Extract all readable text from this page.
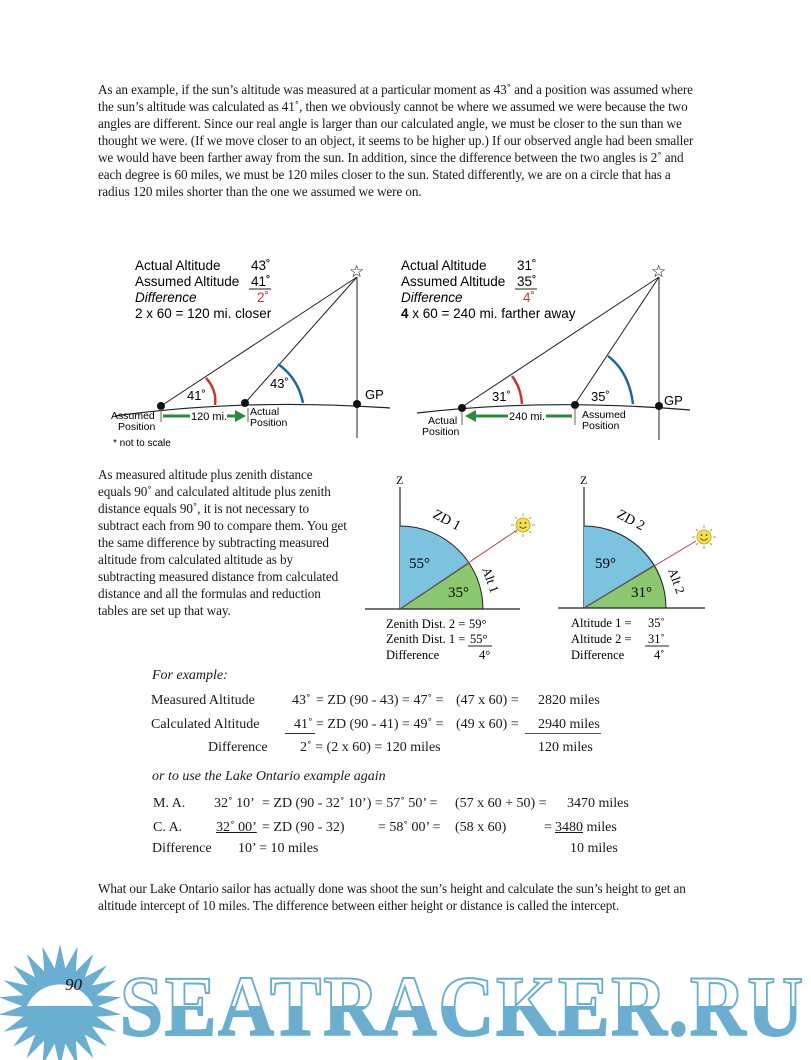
As an example, if the sun’s altitude was measured at a particular moment as 43˚ and a position was assumed where the sun’s altitude was calculated as 41˚, then we obviously cannot be where we assumed we were because the two angles are different. Since our real angle is larger than our calculated angle, we must be closer to the sun than we thought we were. (If we move closer to an object, it seems to be higher up.) If our observed angle had been smaller we would have been farther away from the sun. In addition, since the difference between the two angles is 2˚ and each degree is 60 miles, we must be 120 miles closer to the sun. Stated differently, we are on a circle that has a radius 120 miles shorter than the one we assumed we were on.
Actual Altitude 43˚
Assumed Altitude 41˚
Difference	2˚
2 x 60 = 120 mi. closer
☆
41˚
43˚
GP
Assumed
Position
Actual
Position
120 mi.
* not to scale
Actual Altitude 31˚
Assumed Altitude 35˚
Difference	4˚
4 x 60 = 240 mi. farther away
☆
31˚	35˚	GP
Actual
Position
Assumed
Position
240 mi.
As measured altitude plus zenith distance equals 90˚ and calculated altitude plus zenith distance equals 90˚, it is not necessary to subtract each from 90 to compare them. You get the same difference by subtracting measured altitude from calculated altitude as by subtracting measured distance from calculated distance and all the formulas and reduction tables are set up that way.
Z
ZD 1
Alt 1
55°
35°
Zenith Dist. 2 = 59°
Zenith Dist. 1 = 55°
Difference	4°
Z
ZD 2
Alt 2
59°
31°
Altitude 1 = 35˚
Altitude 2 = 31˚
Difference 4˚
For example:
Measured Altitude	43˚ = ZD (90 - 43) = 47˚ = (47 x 60) = 2820 miles
Calculated Altitude 41˚ = ZD (90 - 41) = 49˚ = (49 x 60) = 2940 miles
Difference 2˚ = (2 x 60) = 120 miles	120 miles
or to use the Lake Ontario example again
M. A. 32˚ 10’ = ZD (90 - 32˚ 10’) = 57˚ 50’ = (57 x 60 + 50) = 3470 miles
C. A. 32˚ 00’ = ZD (90 - 32) = 58˚ 00’ = (58 x 60)	= 3480 miles
Difference 10’ = 10 miles	10 miles
What our Lake Ontario sailor has actually done was shoot the sun’s height and calculate the sun’s height to get an altitude intercept of 10 miles. The difference between either height or distance is called the intercept.
90 SEATRACKER.RU
